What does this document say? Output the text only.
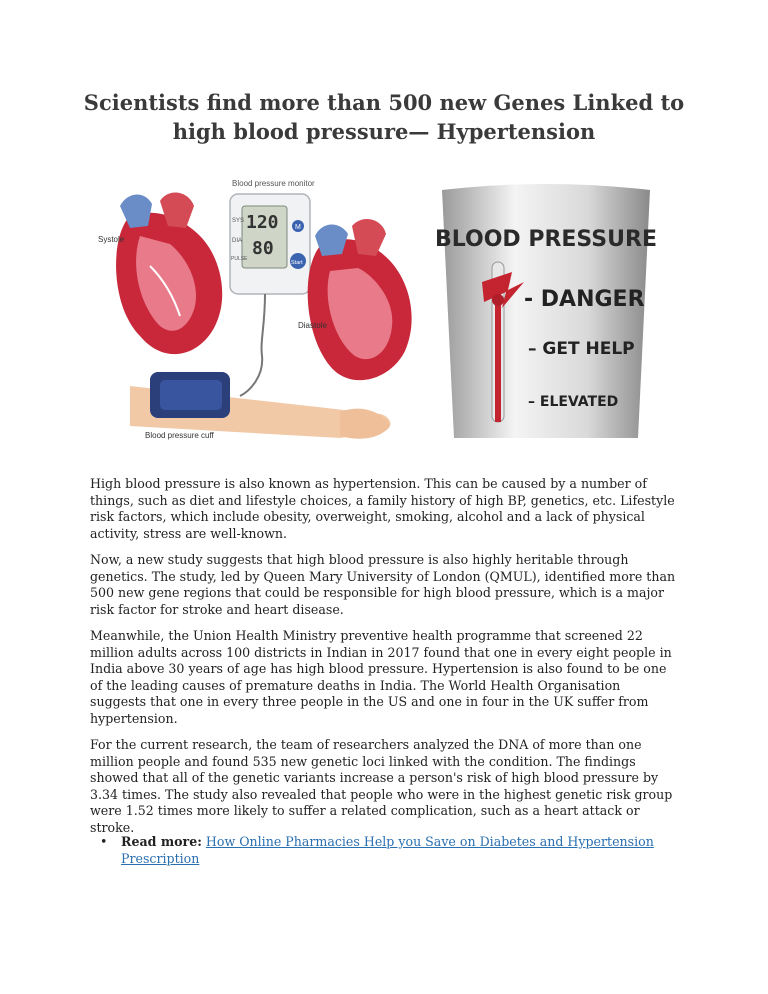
Scientists find more than 500 new Genes Linked to
high blood pressure— Hypertension
Blood pressure monitor
Systole
SYS
DIA
PULSE
120
80
M
Start
Diastole
Blood pressure cuff
BLOOD PRESSURE
- DANGER
– GET HELP
– ELEVATED

High blood pressure is also known as hypertension. This can be caused by a number of things, such as diet and lifestyle choices, a family history of high BP, genetics, etc. Lifestyle risk factors, which include obesity, overweight, smoking, alcohol and a lack of physical activity, stress are well-known.

Now, a new study suggests that high blood pressure is also highly heritable through genetics. The study, led by Queen Mary University of London (QMUL), identified more than 500 new gene regions that could be responsible for high blood pressure, which is a major risk factor for stroke and heart disease.

Meanwhile, the Union Health Ministry preventive health programme that screened 22 million adults across 100 districts in Indian in 2017 found that one in every eight people in India above 30 years of age has high blood pressure. Hypertension is also found to be one of the leading causes of premature deaths in India. The World Health Organisation suggests that one in every three people in the US and one in four in the UK suffer from hypertension.

For the current research, the team of researchers analyzed the DNA of more than one million people and found 535 new genetic loci linked with the condition. The findings showed that all of the genetic variants increase a person's risk of high blood pressure by 3.34 times. The study also revealed that people who were in the highest genetic risk group were 1.52 times more likely to suffer a related complication, such as a heart attack or stroke.

• Read more: How Online Pharmacies Help you Save on Diabetes and Hypertension Prescription
